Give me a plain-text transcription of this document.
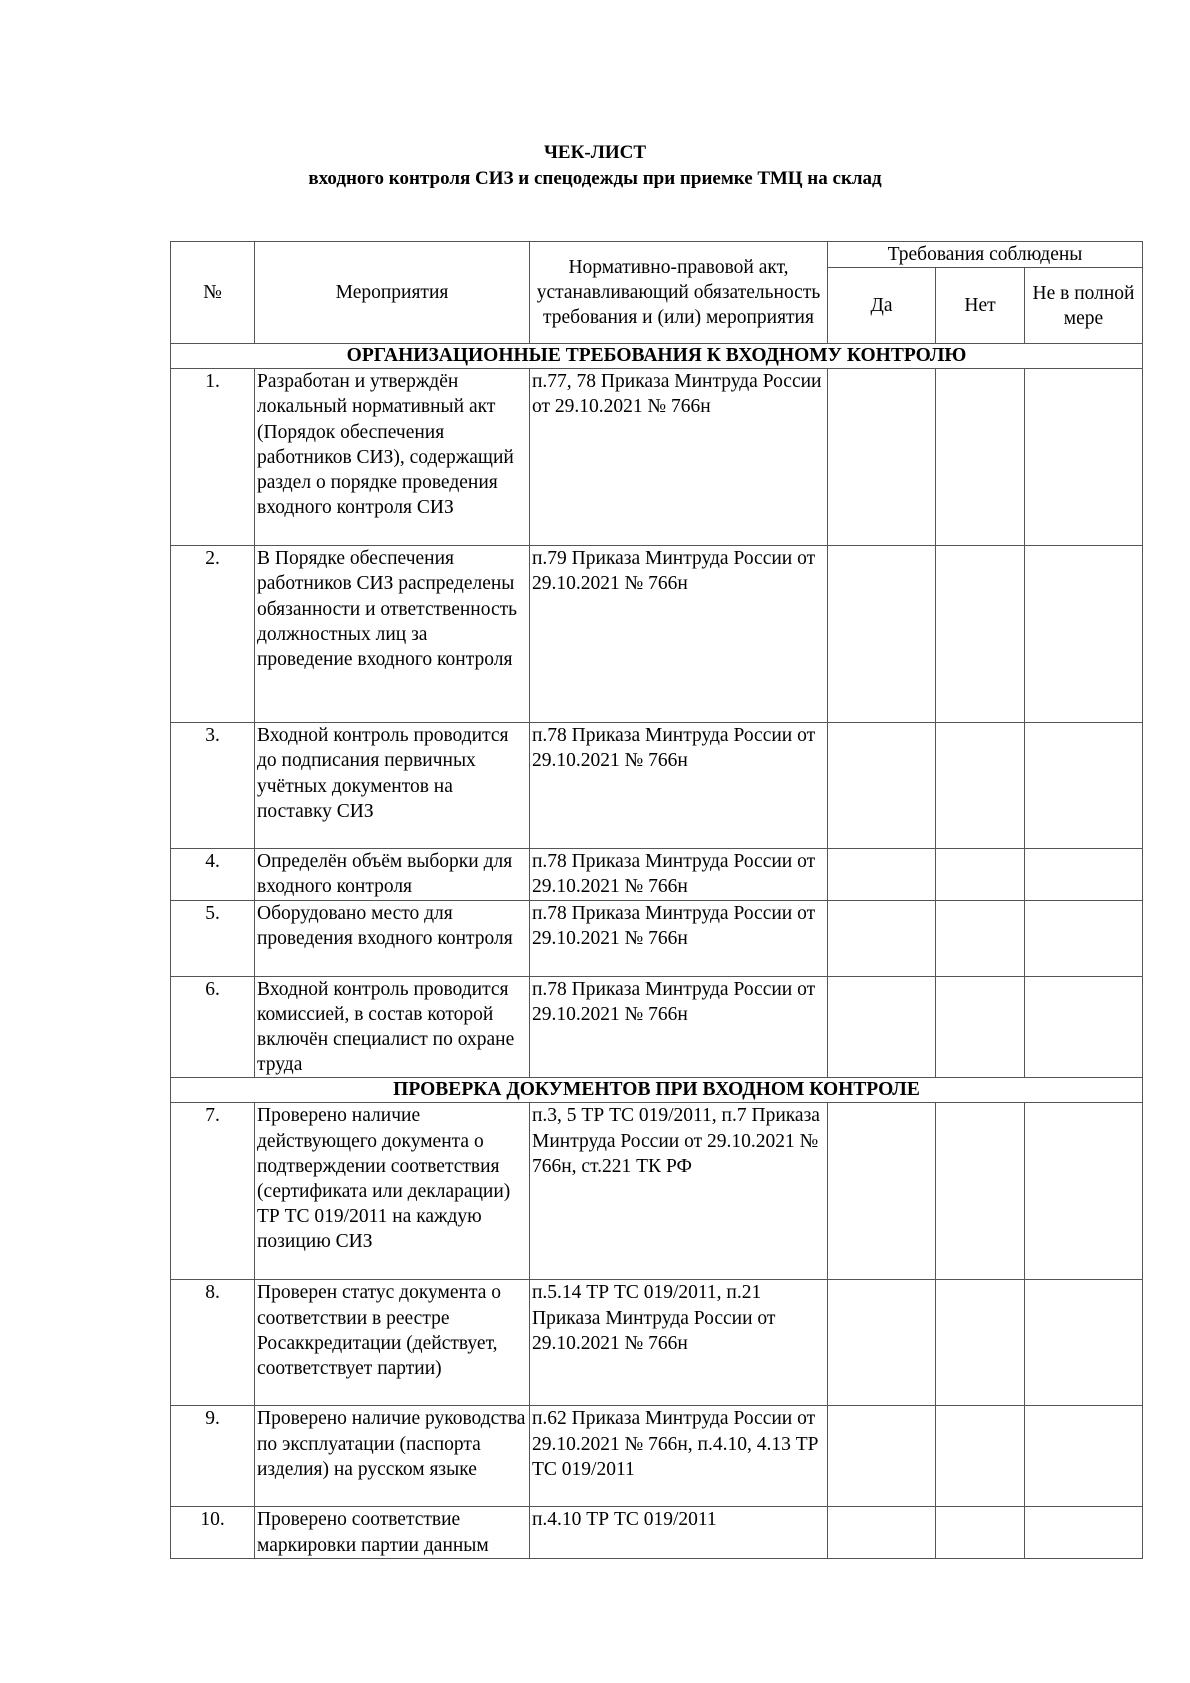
ЧЕК-ЛИСТ
входного контроля СИЗ и спецодежды при приемке ТМЦ на склад
№	Мероприятия	Нормативно-правовой акт, устанавливающий обязательность требования и (или) мероприятия	Требования соблюдены		
			Да	Нет	Не в полной мере
ОРГАНИЗАЦИОННЫЕ ТРЕБОВАНИЯ К ВХОДНОМУ КОНТРОЛЮ					
1.	Разработан и утверждён локальный нормативный акт (Порядок обеспечения работников СИЗ), содержащий раздел о порядке проведения входного контроля СИЗ	п.77, 78 Приказа Минтруда России от 29.10.2021 № 766н			
2.	В Порядке обеспечения работников СИЗ распределены обязанности и ответственность должностных лиц за проведение входного контроля	п.79 Приказа Минтруда России от 29.10.2021 № 766н			
3.	Входной контроль проводится до подписания первичных учётных документов на поставку СИЗ	п.78 Приказа Минтруда России от 29.10.2021 № 766н			
4.	Определён объём выборки для входного контроля	п.78 Приказа Минтруда России от 29.10.2021 № 766н			
5.	Оборудовано место для проведения входного контроля	п.78 Приказа Минтруда России от 29.10.2021 № 766н			
6.	Входной контроль проводится комиссией, в состав которой включён специалист по охране труда	п.78 Приказа Минтруда России от 29.10.2021 № 766н			
ПРОВЕРКА ДОКУМЕНТОВ ПРИ ВХОДНОМ КОНТРОЛЕ					
7.	Проверено наличие действующего документа о подтверждении соответствия (сертификата или декларации) ТР ТС 019/2011 на каждую позицию СИЗ	п.3, 5 ТР ТС 019/2011, п.7 Приказа Минтруда России от 29.10.2021 № 766н, ст.221 ТК РФ			
8.	Проверен статус документа о соответствии в реестре Росаккредитации (действует, соответствует партии)	п.5.14 ТР ТС 019/2011, п.21 Приказа Минтруда России от 29.10.2021 № 766н			
9.	Проверено наличие руководства по эксплуатации (паспорта изделия) на русском языке	п.62 Приказа Минтруда России от 29.10.2021 № 766н, п.4.10, 4.13 ТР ТС 019/2011			
10.	Проверено соответствие маркировки партии данным	п.4.10 ТР ТС 019/2011			
